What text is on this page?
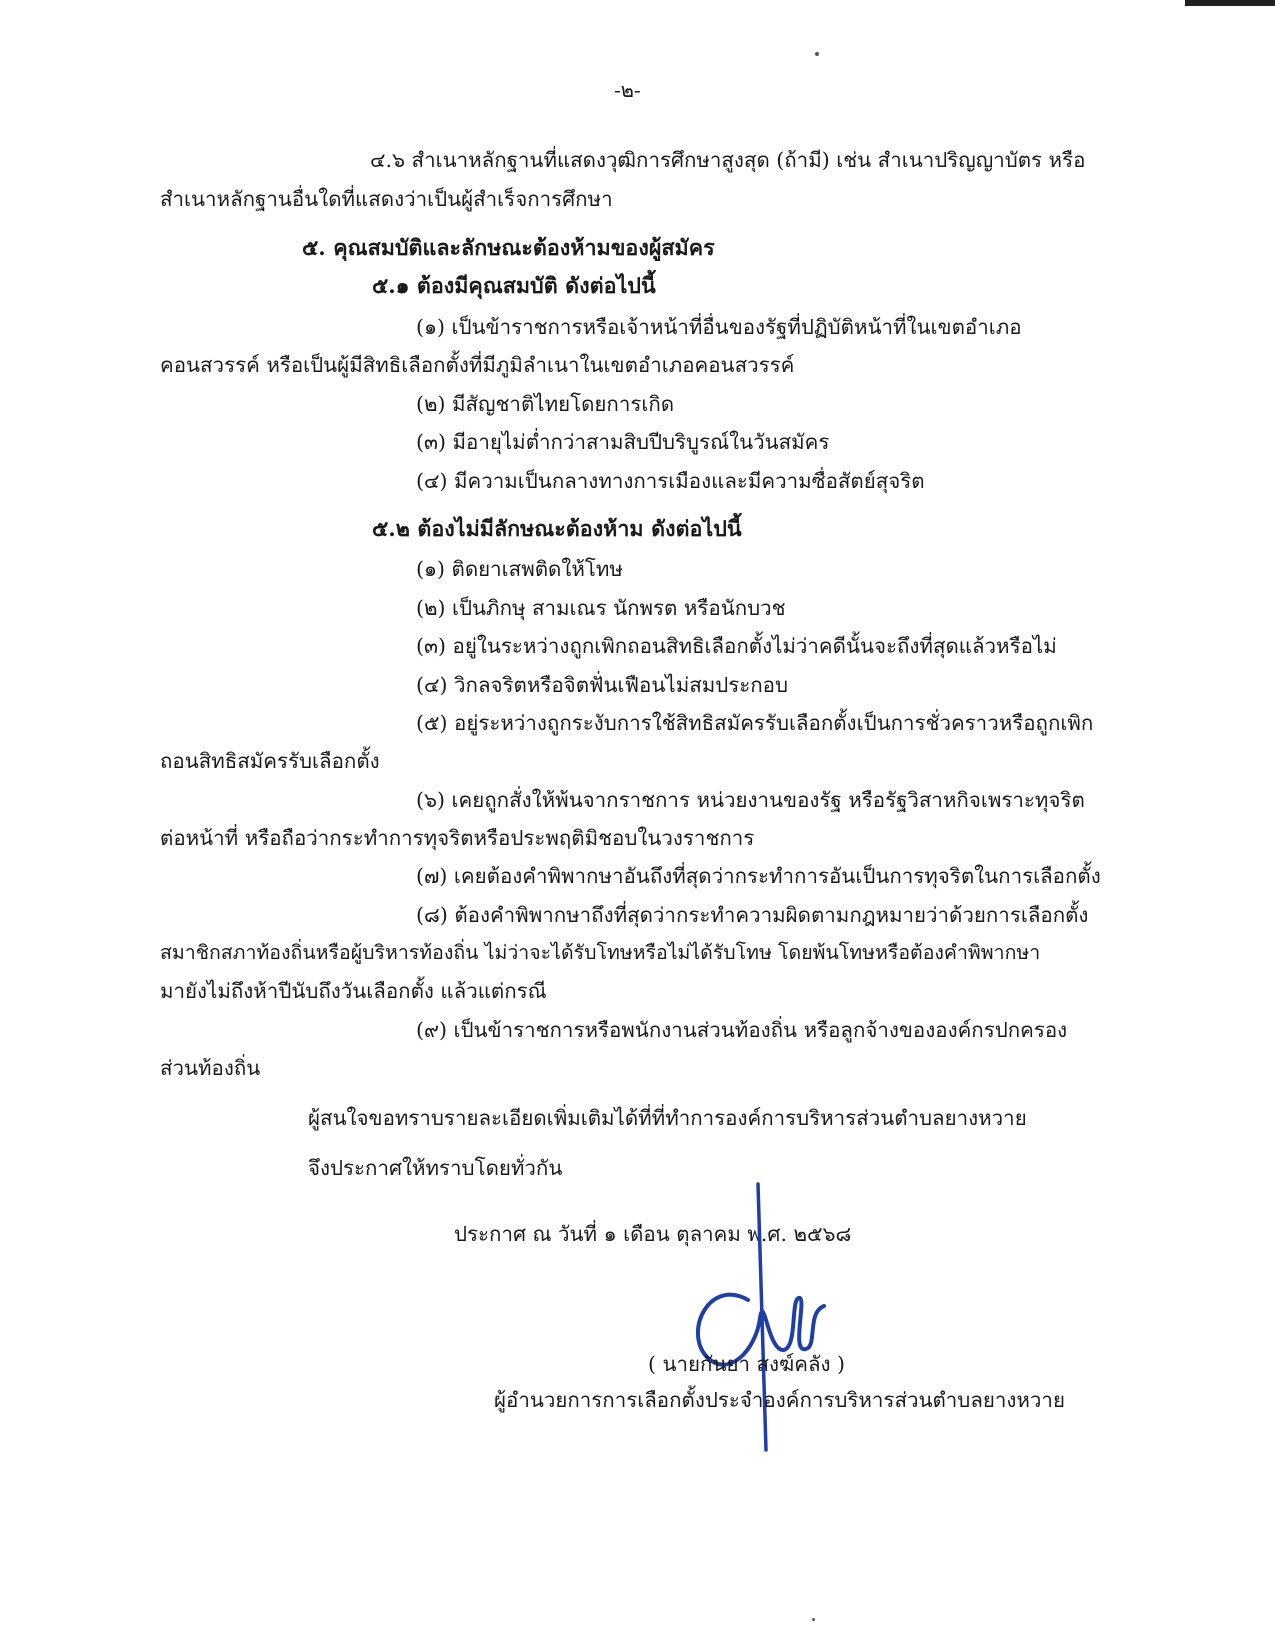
-๒-
๔.๖ สำเนาหลักฐานที่แสดงวุฒิการศึกษาสูงสุด (ถ้ามี) เช่น สำเนาปริญญาบัตร หรือ
สำเนาหลักฐานอื่นใดที่แสดงว่าเป็นผู้สำเร็จการศึกษา
๕. คุณสมบัติและลักษณะต้องห้ามของผู้สมัคร
๕.๑ ต้องมีคุณสมบัติ ดังต่อไปนี้
(๑) เป็นข้าราชการหรือเจ้าหน้าที่อื่นของรัฐที่ปฏิบัติหน้าที่ในเขตอำเภอ
คอนสวรรค์ หรือเป็นผู้มีสิทธิเลือกตั้งที่มีภูมิลำเนาในเขตอำเภอคอนสวรรค์
(๒) มีสัญชาติไทยโดยการเกิด
(๓) มีอายุไม่ต่ำกว่าสามสิบปีบริบูรณ์ในวันสมัคร
(๔) มีความเป็นกลางทางการเมืองและมีความซื่อสัตย์สุจริต
๕.๒ ต้องไม่มีลักษณะต้องห้าม ดังต่อไปนี้
(๑) ติดยาเสพติดให้โทษ
(๒) เป็นภิกษุ สามเณร นักพรต หรือนักบวช
(๓) อยู่ในระหว่างถูกเพิกถอนสิทธิเลือกตั้งไม่ว่าคดีนั้นจะถึงที่สุดแล้วหรือไม่
(๔) วิกลจริตหรือจิตฟั่นเฟือนไม่สมประกอบ
(๕) อยู่ระหว่างถูกระงับการใช้สิทธิสมัครรับเลือกตั้งเป็นการชั่วคราวหรือถูกเพิก
ถอนสิทธิสมัครรับเลือกตั้ง
(๖) เคยถูกสั่งให้พ้นจากราชการ หน่วยงานของรัฐ หรือรัฐวิสาหกิจเพราะทุจริต
ต่อหน้าที่ หรือถือว่ากระทำการทุจริตหรือประพฤติมิชอบในวงราชการ
(๗) เคยต้องคำพิพากษาอันถึงที่สุดว่ากระทำการอันเป็นการทุจริตในการเลือกตั้ง
(๘) ต้องคำพิพากษาถึงที่สุดว่ากระทำความผิดตามกฎหมายว่าด้วยการเลือกตั้ง
สมาชิกสภาท้องถิ่นหรือผู้บริหารท้องถิ่น ไม่ว่าจะได้รับโทษหรือไม่ได้รับโทษ โดยพ้นโทษหรือต้องคำพิพากษา
มายังไม่ถึงห้าปีนับถึงวันเลือกตั้ง แล้วแต่กรณี
(๙) เป็นข้าราชการหรือพนักงานส่วนท้องถิ่น หรือลูกจ้างขององค์กรปกครอง
ส่วนท้องถิ่น
ผู้สนใจขอทราบรายละเอียดเพิ่มเติมได้ที่ที่ทำการองค์การบริหารส่วนตำบลยางหวาย
จึงประกาศให้ทราบโดยทั่วกัน
ประกาศ ณ วันที่ ๑ เดือน ตุลาคม พ.ศ. ๒๕๖๘
( นายกันยา สงฆ์คลัง )
ผู้อำนวยการการเลือกตั้งประจำองค์การบริหารส่วนตำบลยางหวาย
